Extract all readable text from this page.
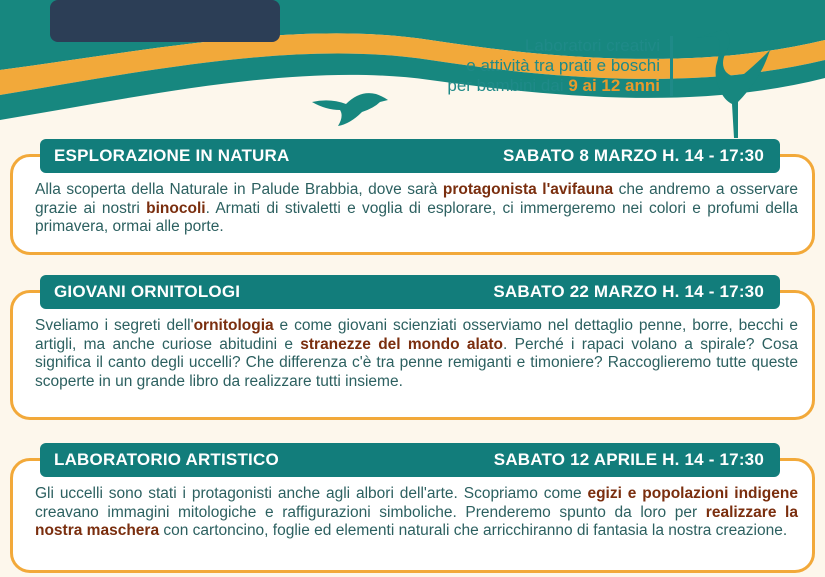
Laboratori creativi
e attività tra prati e boschi
per bambini dai 9 ai 12 anni
Alla scoperta della Naturale in Palude Brabbia, dove sarà protagonista l'avifauna che andremo a osservare grazie ai nostri binocoli. Armati di stivaletti e voglia di esplorare, ci immergeremo nei colori e profumi della primavera, ormai alle porte.
ESPLORAZIONE IN NATURA	SABATO 8 MARZO H. 14 - 17:30
Sveliamo i segreti dell'ornitologia e come giovani scienziati osserviamo nel dettaglio penne, borre, becchi e artigli, ma anche curiose abitudini e stranezze del mondo alato. Perché i rapaci volano a spirale? Cosa significa il canto degli uccelli? Che differenza c'è tra penne remiganti e timoniere? Raccoglieremo tutte queste scoperte in un grande libro da realizzare tutti insieme.
GIOVANI ORNITOLOGI	SABATO 22 MARZO H. 14 - 17:30
Gli uccelli sono stati i protagonisti anche agli albori dell'arte. Scopriamo come egizi e popolazioni indigene creavano immagini mitologiche e raffigurazioni simboliche. Prenderemo spunto da loro per realizzare la nostra maschera con cartoncino, foglie ed elementi naturali che arricchiranno di fantasia la nostra creazione.
LABORATORIO ARTISTICO	SABATO 12 APRILE H. 14 - 17:30
